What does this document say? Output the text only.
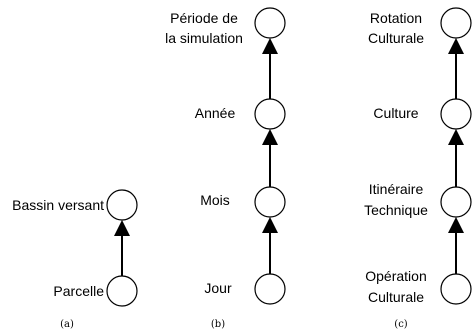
Bassin versant
Parcelle
(a)
Période de
la simulation
Année
Mois
Jour
(b)
Rotation
Culturale
Culture
Itinéraire
Technique
Opération
Culturale
(c)
